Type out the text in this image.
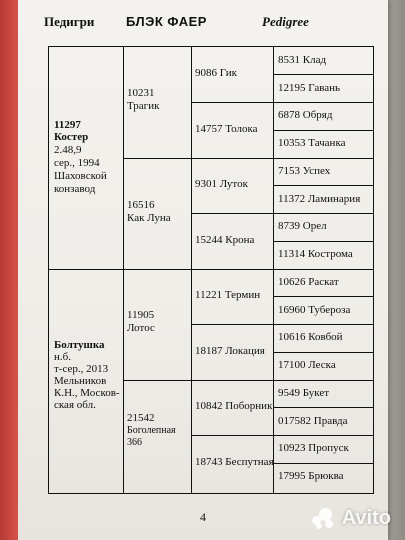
Педигри БЛЭК ФАЕР	Pedigree
11297
Костер
2.48,9
сер., 1994
Шаховской
конзавод
Болтушка
н.б.
т-сер., 2013
Мельников
К.Н., Москов-
ская обл.
10231
Трагик
16516
Как Луна
11905
Лотос
21542
Боголепная
366
9086 Гик
14757 Толока
9301 Луток
15244 Крона
11221 Термин
18187 Локация
10842 Поборник
18743 Беспутная
8531 Клад
12195 Гавань
6878 Обряд
10353 Тачанка
7153 Успех
11372 Ламинария
8739 Орел
11314 Кострома
10626 Раскат
16960 Тубероза
10616 Ковбой
17100 Леска
9549 Букет
017582 Правда
10923 Пропуск
17995 Брюква
4	Avito
